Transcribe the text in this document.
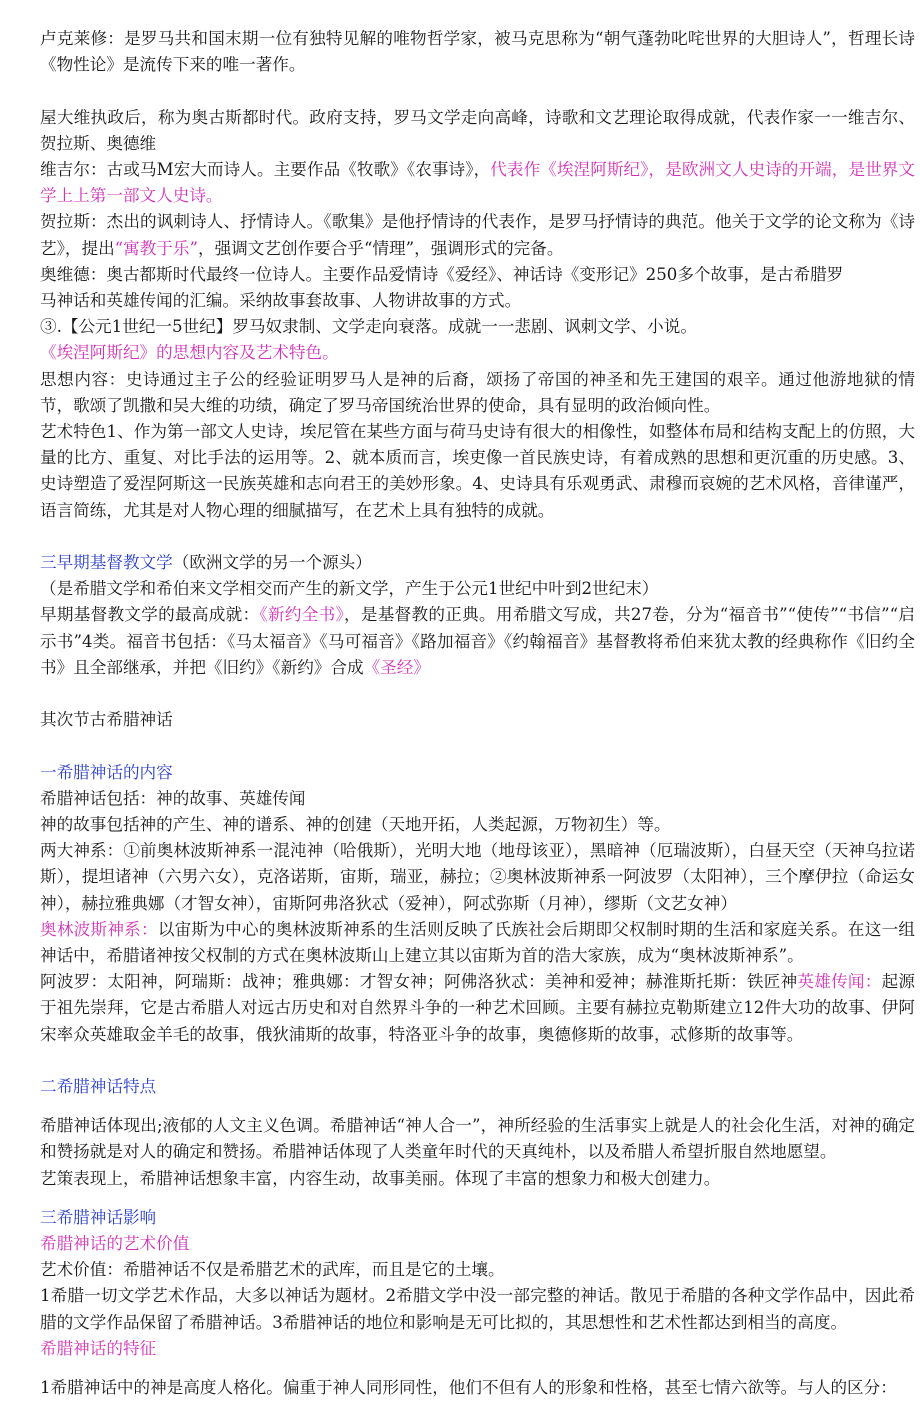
卢克莱修：是罗马共和国末期一位有独特见解的唯物哲学家，被马克思称为“朝气蓬勃叱咤世界的大胆诗人”，哲理长诗《物性论》是流传下来的唯一著作。

屋大维执政后，称为奥古斯都时代。政府支持，罗马文学走向高峰，诗歌和文艺理论取得成就，代表作家一一维吉尔、贺拉斯、奥德维

维吉尔：古或马M宏大而诗人。主要作品《牧歌》《农事诗》，代表作《埃涅阿斯纪》，是欧洲文人史诗的开端，是世界文学上上第一部文人史诗。

贺拉斯：杰出的讽刺诗人、抒情诗人。《歌集》是他抒情诗的代表作，是罗马抒情诗的典范。他关于文学的论文称为《诗艺》，提出“寓教于乐”，强调文艺创作要合乎“情理”，强调形式的完备。

奥维德：奥古都斯时代最终一位诗人。主要作品爱情诗《爱经》、神话诗《变形记》250多个故事，是古希腊罗

马神话和英雄传闻的汇编。采纳故事套故事、人物讲故事的方式。

③.【公元1世纪一5世纪】罗马奴隶制、文学走向衰落。成就一一悲剧、讽刺文学、小说。

《埃涅阿斯纪》的思想内容及艺术特色。

思想内容：史诗通过主子公的经验证明罗马人是神的后裔，颂扬了帝国的神圣和先王建国的艰辛。通过他游地狱的情节，歌颂了凯撒和吴大维的功绩，确定了罗马帝国统治世界的使命，具有显明的政治倾向性。

艺术特色1、作为第一部文人史诗，埃尼管在某些方面与荷马史诗有很大的相像性，如整体布局和结构支配上的仿照，大量的比方、重复、对比手法的运用等。2、就本质而言，埃吏像一首民族史诗，有着成熟的思想和更沉重的历史感。3、史诗塑造了爱涅阿斯这一民族英雄和志向君王的美妙形象。4、史诗具有乐观勇武、肃穆而哀婉的艺术风格，音律谨严，语言简练，尤其是对人物心理的细腻描写，在艺术上具有独特的成就。

三早期基督教文学（欧洲文学的另一个源头）

（是希腊文学和希伯来文学相交而产生的新文学，产生于公元1世纪中叶到2世纪末）

早期基督教文学的最高成就：《新约全书》，是基督教的正典。用希腊文写成，共27卷，分为“福音书”“使传”“书信”“启示书”4类。福音书包括：《马太福音》《马可福音》《路加福音》《约翰福音》基督教将希伯来犹太教的经典称作《旧约全书》且全部继承，并把《旧约》《新约》合成《圣经》

其次节古希腊神话

一希腊神话的内容

希腊神话包括：神的故事、英雄传闻

神的故事包括神的产生、神的谱系、神的创建（天地开拓，人类起源，万物初生）等。

两大神系：①前奥林波斯神系一混沌神（哈俄斯），光明大地（地母该亚），黑暗神（厄瑞波斯），白昼天空（天神乌拉诺斯），提坦诸神（六男六女），克洛诺斯，宙斯，瑞亚，赫拉；②奥林波斯神系一阿波罗（太阳神），三个摩伊拉（命运女神），赫拉雅典娜（才智女神），宙斯阿弗洛狄忒（爱神），阿忒弥斯（月神），缪斯（文艺女神）

奥林波斯神系：以宙斯为中心的奥林波斯神系的生活则反映了氏族社会后期即父权制时期的生活和家庭关系。在这一组神话中，希腊诸神按父权制的方式在奥林波斯山上建立其以宙斯为首的浩大家族，成为“奥林波斯神系”。

阿波罗：太阳神，阿瑞斯：战神；雅典娜：才智女神；阿佛洛狄忒：美神和爱神；赫淮斯托斯：铁匠神英雄传闻：起源于祖先崇拜，它是古希腊人对远古历史和对自然界斗争的一种艺术回顾。主要有赫拉克勒斯建立12件大功的故事、伊阿宋率众英雄取金羊毛的故事，俄狄浦斯的故事，特洛亚斗争的故事，奥德修斯的故事，忒修斯的故事等。

二希腊神话特点

希腊神话体现出;液郁的人文主义色调。希腊神话“神人合一”，神所经验的生活事实上就是人的社会化生活，对神的确定和赞扬就是对人的确定和赞扬。希腊神话体现了人类童年时代的天真纯朴，以及希腊人希望折服自然地愿望。

艺策表现上，希腊神话想象丰富，内容生动，故事美丽。体现了丰富的想象力和极大创建力。

三希腊神话影响

希腊神话的艺术价值

艺术价值：希腊神话不仅是希腊艺术的武库，而且是它的土壤。

1希腊一切文学艺术作品，大多以神话为题材。2希腊文学中没一部完整的神话。散见于希腊的各种文学作品中，因此希腊的文学作品保留了希腊神话。3希腊神话的地位和影响是无可比拟的，其思想性和艺术性都达到相当的高度。

希腊神话的特征

1希腊神话中的神是高度人格化。偏重于神人同形同性，他们不但有人的形象和性格，甚至七情六欲等。与人的区分：
